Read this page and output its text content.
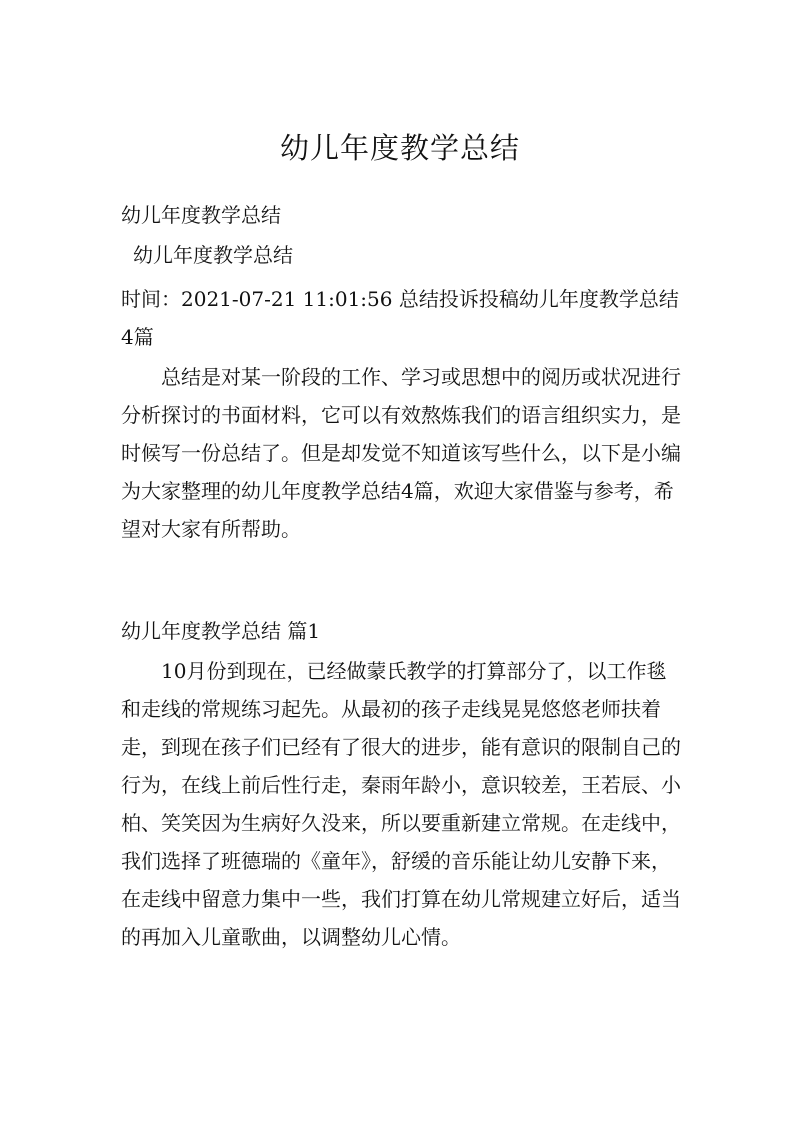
幼儿年度教学总结

幼儿年度教学总结

幼儿年度教学总结

时间：2021-07-21 11:01:56 总结投诉投稿幼儿年度教学总结4篇

总结是对某一阶段的工作、学习或思想中的阅历或状况进行分析探讨的书面材料，它可以有效熬炼我们的语言组织实力，是时候写一份总结了。但是却发觉不知道该写些什么，以下是小编为大家整理的幼儿年度教学总结4篇，欢迎大家借鉴与参考，希望对大家有所帮助。

幼儿年度教学总结 篇1

10月份到现在，已经做蒙氏教学的打算部分了，以工作毯和走线的常规练习起先。从最初的孩子走线晃晃悠悠老师扶着走，到现在孩子们已经有了很大的进步，能有意识的限制自己的行为，在线上前后性行走，秦雨年龄小，意识较差，王若辰、小柏、笑笑因为生病好久没来，所以要重新建立常规。在走线中，我们选择了班德瑞的《童年》，舒缓的音乐能让幼儿安静下来，在走线中留意力集中一些，我们打算在幼儿常规建立好后，适当的再加入儿童歌曲，以调整幼儿心情。
